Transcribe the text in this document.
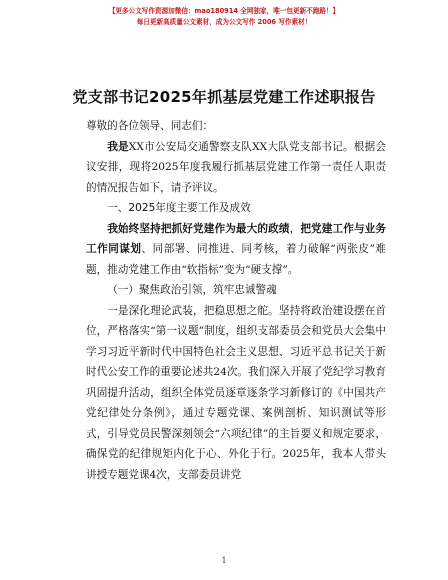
【更多公文写作资源加微信：mao180914 全网独家，唯一包更新不跑路！】
每日更新高质量公文素材，成为公文写作 2006 写作素材！
党支部书记2025年抓基层党建工作述职报告

尊敬的各位领导、同志们：

我是XX市公安局交通警察支队XX大队党支部书记。根据会议安排，现将2025年度我履行抓基层党建工作第一责任人职责的情况报告如下，请予评议。

一、2025年度主要工作及成效

我始终坚持把抓好党建作为最大的政绩，把党建工作与业务工作同谋划、同部署、同推进、同考核，着力破解“两张皮”难题，推动党建工作由“软指标”变为“硬支撑”。

（一）聚焦政治引领，筑牢忠诚警魂

一是深化理论武装，把稳思想之舵。坚持将政治建设摆在首位，严格落实“第一议题”制度，组织支部委员会和党员大会集中学习习近平新时代中国特色社会主义思想、习近平总书记关于新时代公安工作的重要论述共24次。我们深入开展了党纪学习教育巩固提升活动，组织全体党员逐章逐条学习新修订的《中国共产党纪律处分条例》，通过专题党课、案例剖析、知识测试等形式，引导党员民警深刻领会“六项纪律”的主旨要义和规定要求，确保党的纪律规矩内化于心、外化于行。2025年，我本人带头讲授专题党课4次，支部委员讲党

1
